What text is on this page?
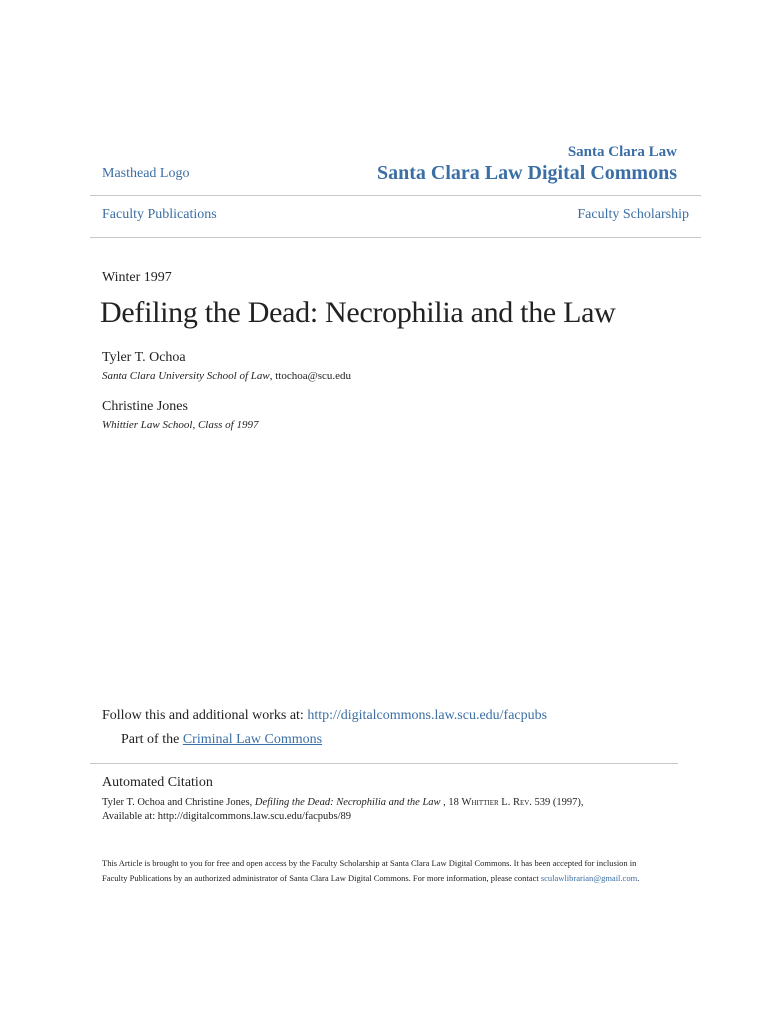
Masthead Logo
Santa Clara Law
Santa Clara Law Digital Commons
Faculty Publications	Faculty Scholarship
Winter 1997
Defiling the Dead: Necrophilia and the Law
Tyler T. Ochoa
Santa Clara University School of Law, ttochoa@scu.edu
Christine Jones
Whittier Law School, Class of 1997
Follow this and additional works at: http://digitalcommons.law.scu.edu/facpubs
Part of the Criminal Law Commons
Automated Citation
Tyler T. Ochoa and Christine Jones, Defiling the Dead: Necrophilia and the Law , 18 Whittier L. Rev. 539 (1997),
Available at: http://digitalcommons.law.scu.edu/facpubs/89
This Article is brought to you for free and open access by the Faculty Scholarship at Santa Clara Law Digital Commons. It has been accepted for inclusion in Faculty Publications by an authorized administrator of Santa Clara Law Digital Commons. For more information, please contact sculawlibrarian@gmail.com.
